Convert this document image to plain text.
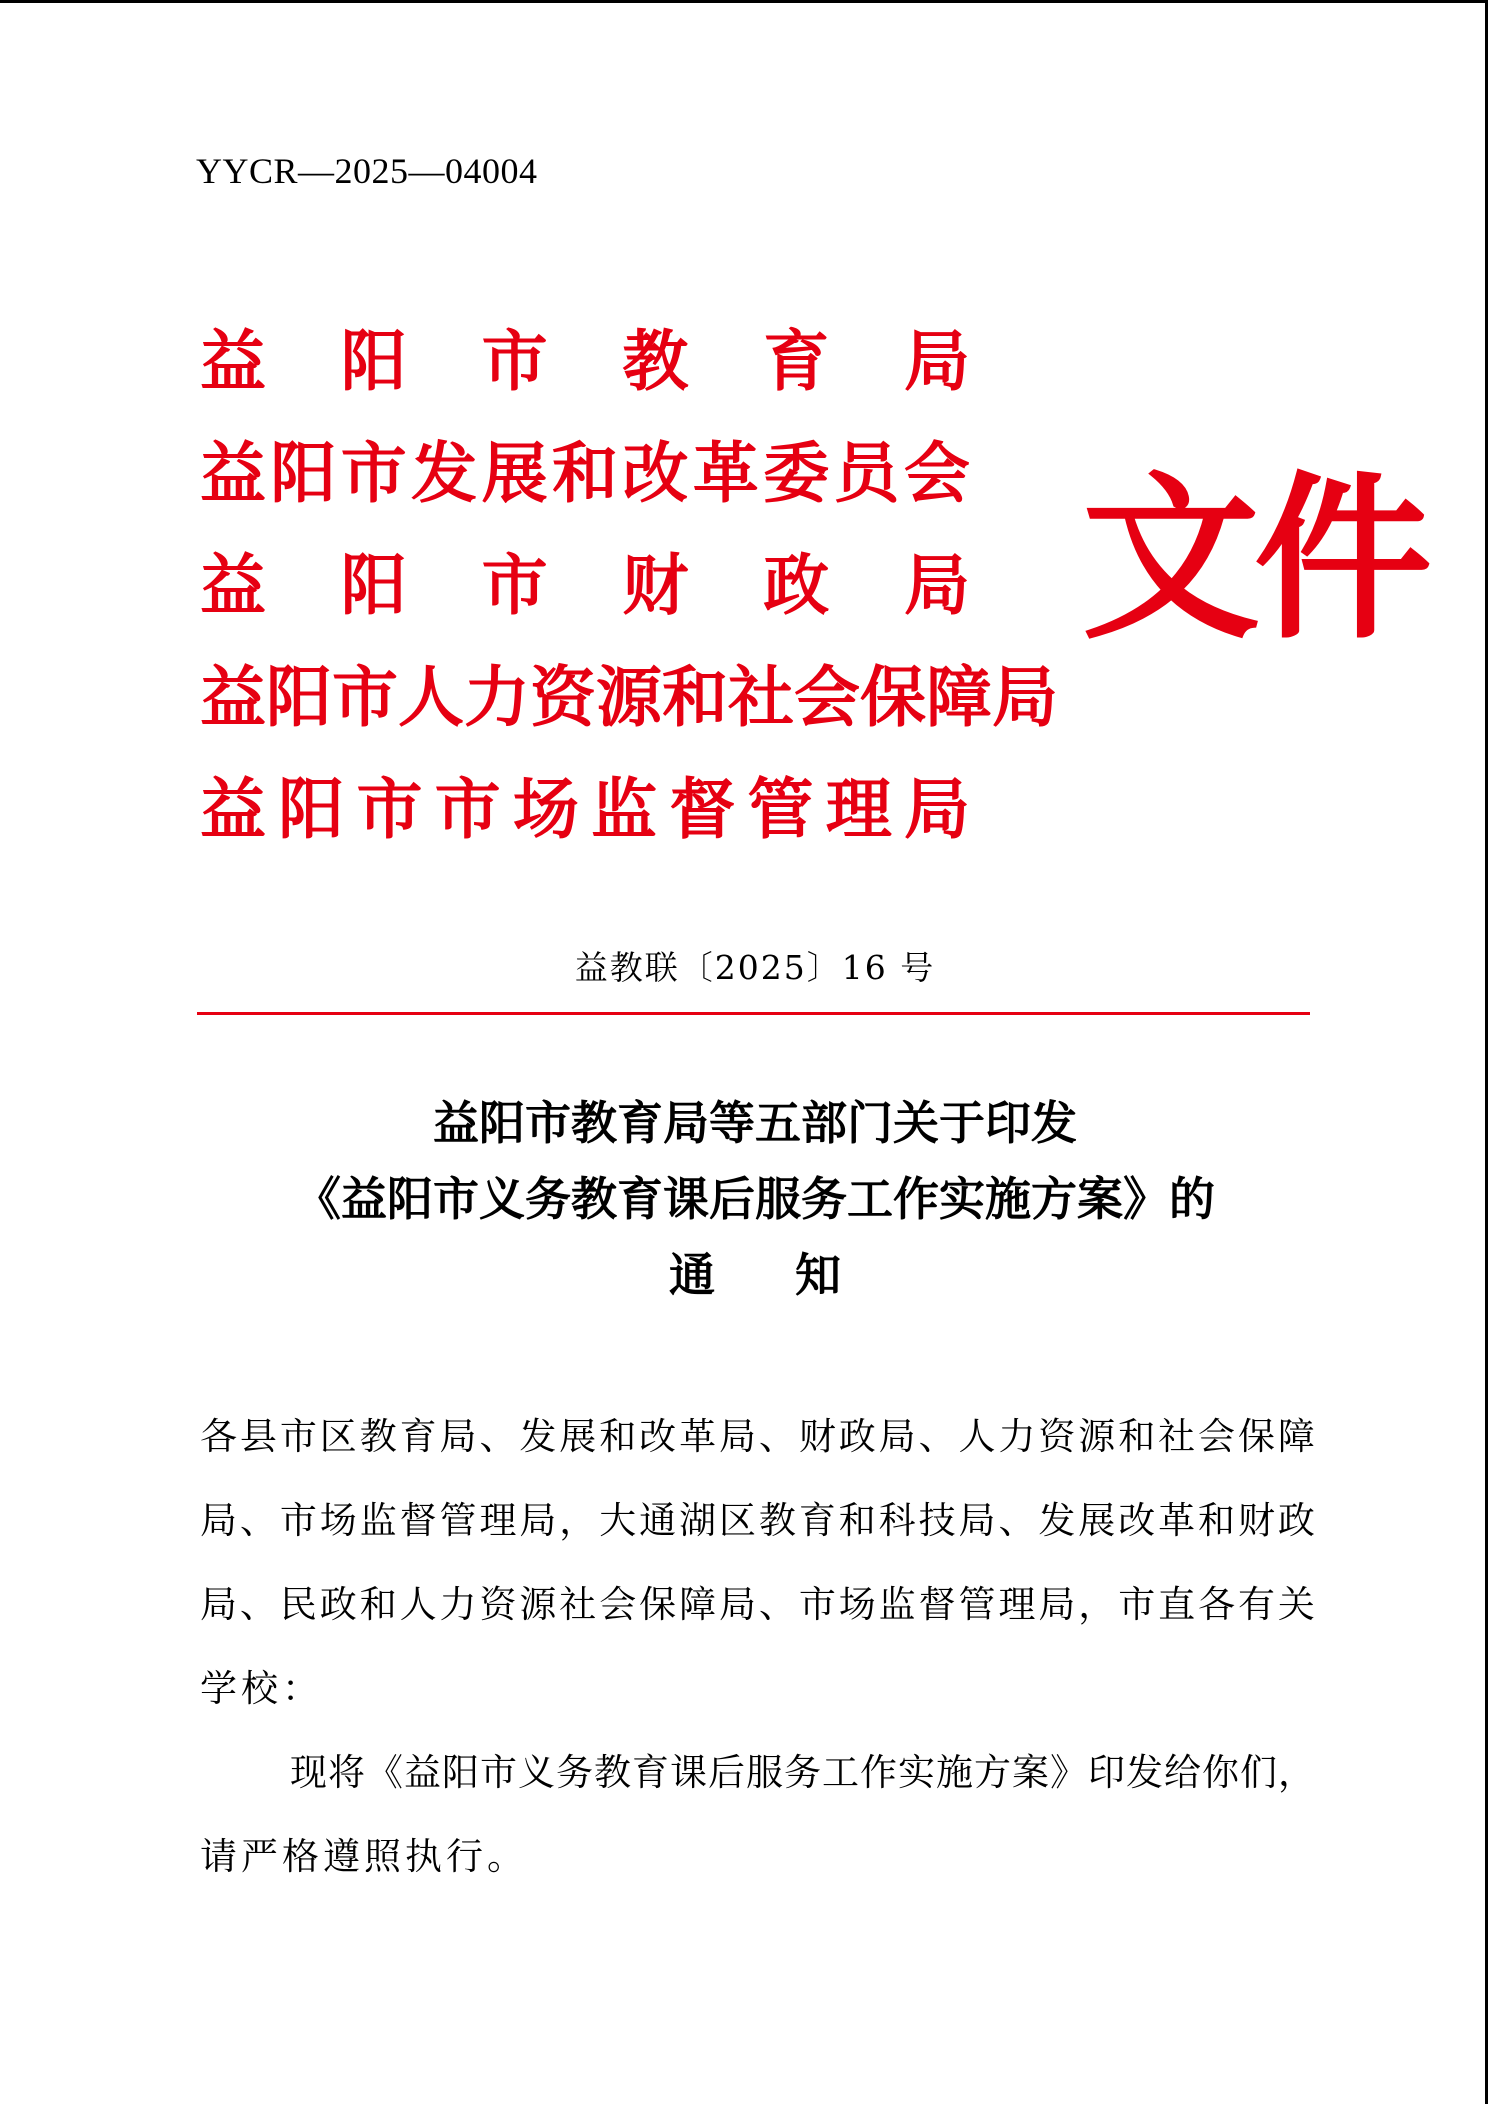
YYCR—2025—04004
益 阳 市 教 育 局
益 阳 市 发 展 和 改 革 委 员 会
益 阳 市 财 政 局
益 阳 市 人 力 资 源 和 社 会 保 障 局
益 阳 市 市 场 监 督 管 理 局
文件
益教联〔2025〕16 号
益阳市教育局等五部门关于印发
《益阳市义务教育课后服务工作实施方案》的
通知
各 县 市 区 教 育 局 、 发 展 和 改 革 局 、 财 政 局 、 人 力 资 源 和 社 会 保 障
局 、 市 场 监 督 管 理 局 ， 大 通 湖 区 教 育 和 科 技 局 、 发 展 改 革 和 财 政
局 、 民 政 和 人 力 资 源 社 会 保 障 局 、 市 场 监 督 管 理 局 ， 市 直 各 有 关
学校：
现 将 《 益 阳 市 义 务 教 育 课 后 服 务 工 作 实 施 方 案 》 印 发 给 你 们 ，
请严格遵照执行。
